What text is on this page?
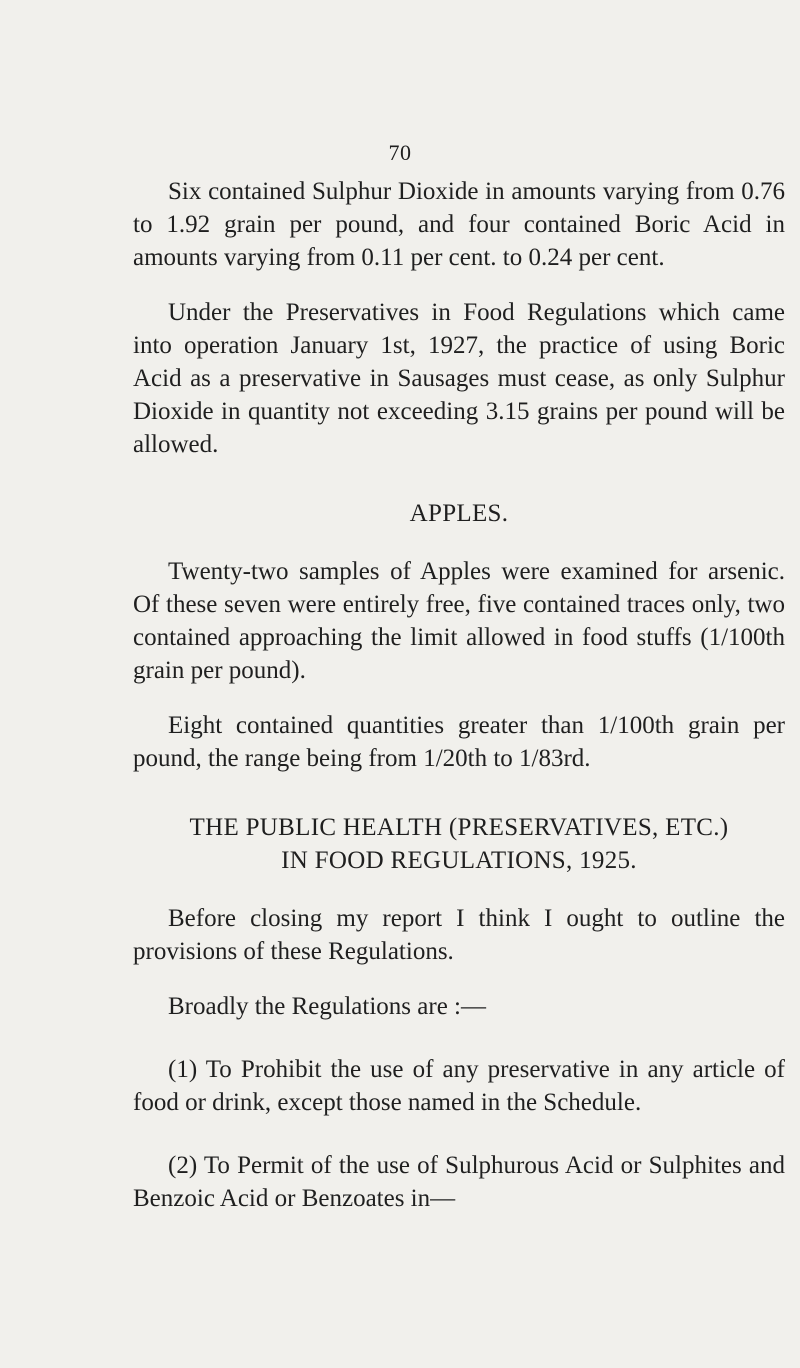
70

Six contained Sulphur Dioxide in amounts varying from 0.76 to 1.92 grain per pound, and four contained Boric Acid in amounts varying from 0.11 per cent. to 0.24 per cent.

Under the Preservatives in Food Regulations which came into operation January 1st, 1927, the practice of using Boric Acid as a preservative in Sausages must cease, as only Sulphur Dioxide in quantity not exceeding 3.15 grains per pound will be allowed.

APPLES.

Twenty-two samples of Apples were examined for arsenic. Of these seven were entirely free, five contained traces only, two contained approaching the limit allowed in food stuffs (1/100th grain per pound).

Eight contained quantities greater than 1/100th grain per pound, the range being from 1/20th to 1/83rd.

THE PUBLIC HEALTH (PRESERVATIVES, ETC.)

IN FOOD REGULATIONS, 1925.

Before closing my report I think I ought to outline the provisions of these Regulations.

Broadly the Regulations are :—

(1) To Prohibit the use of any preservative in any article of food or drink, except those named in the Schedule.

(2) To Permit of the use of Sulphurous Acid or Sulphites and Benzoic Acid or Benzoates in—
